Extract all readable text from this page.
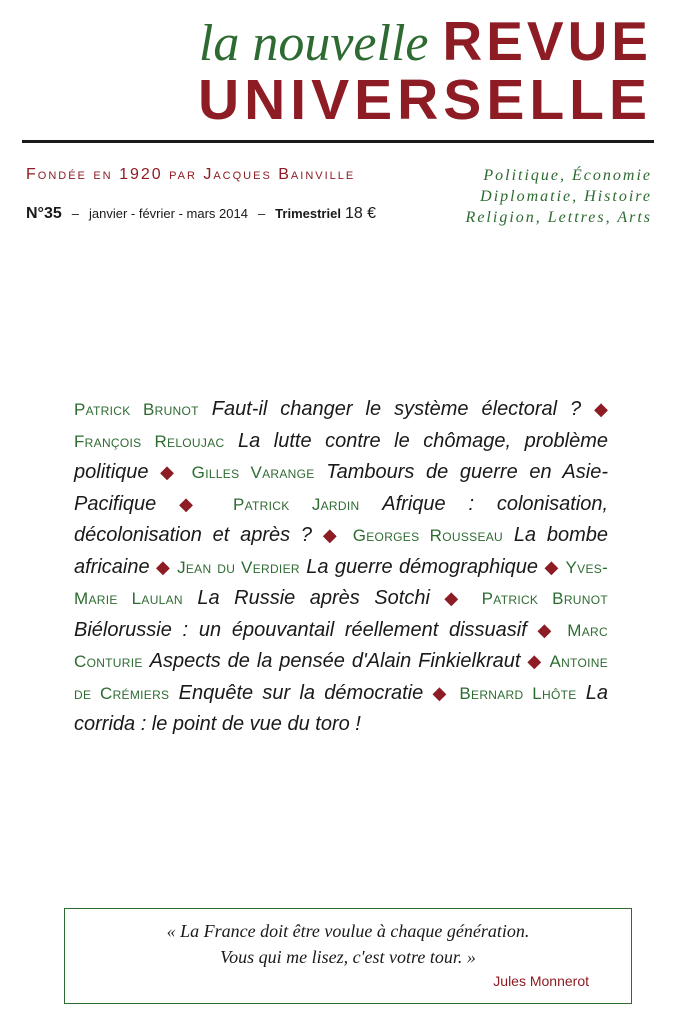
la nouvelle REVUE
UNIVERSELLE
Fondée en 1920 par Jacques Bainville
N°35 – janvier - février - mars 2014 – Trimestriel 18 €
Politique, Économie
Diplomatie, Histoire
Religion, Lettres, Arts
Patrick Brunot Faut-il changer le système électoral ? ◆ François Reloujac La lutte contre le chômage, problème politique ◆ Gilles Varange Tambours de guerre en Asie-Pacifique ◆ Patrick Jardin Afrique : colonisation, décolonisation et après ? ◆ Georges Rousseau La bombe africaine ◆ Jean du Verdier La guerre démographique ◆ Yves-Marie Laulan La Russie après Sotchi ◆ Patrick Brunot Biélorussie : un épouvantail réellement dissuasif ◆ Marc Conturie Aspects de la pensée d'Alain Finkielkraut ◆ Antoine de Crémiers Enquête sur la démocratie ◆ Bernard Lhôte La corrida : le point de vue du toro !
« La France doit être voulue à chaque génération.
Vous qui me lisez, c'est votre tour. »
Jules Monnerot
